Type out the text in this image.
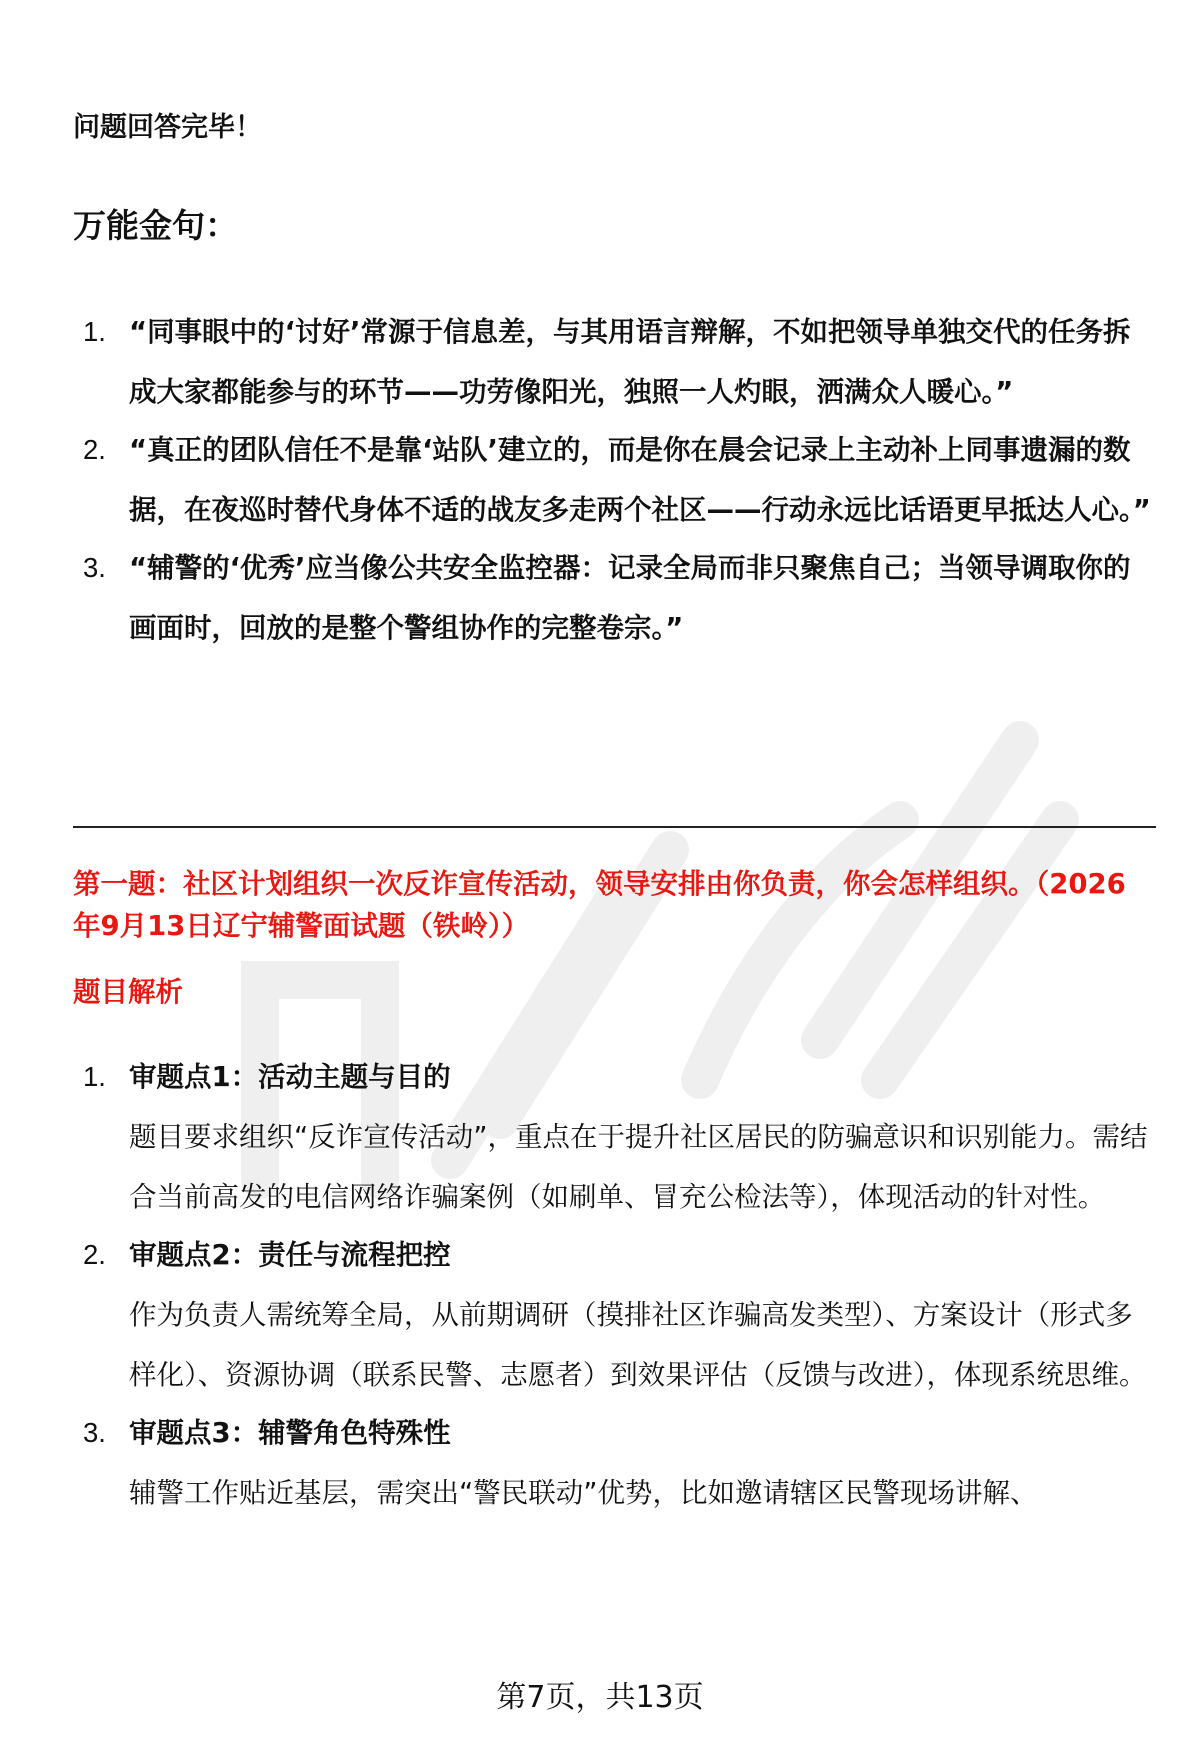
问题回答完毕！
万能金句：
1. “同事眼中的‘讨好’常源于信息差，与其用语言辩解，不如把领导单独交代的任务拆成大家都能参与的环节——功劳像阳光，独照一人灼眼，洒满众人暖心。”
2. “真正的团队信任不是靠‘站队’建立的，而是你在晨会记录上主动补上同事遗漏的数据，在夜巡时替代身体不适的战友多走两个社区——行动永远比话语更早抵达人心。”
3. “辅警的‘优秀’应当像公共安全监控器：记录全局而非只聚焦自己；当领导调取你的画面时，回放的是整个警组协作的完整卷宗。”
第一题：社区计划组织一次反诈宣传活动，领导安排由你负责，你会怎样组织。（2026年9月13日辽宁辅警面试题（铁岭））
题目解析
1. 审题点1：活动主题与目的
题目要求组织“反诈宣传活动”，重点在于提升社区居民的防骗意识和识别能力。需结合当前高发的电信网络诈骗案例（如刷单、冒充公检法等），体现活动的针对性。
2. 审题点2：责任与流程把控
作为负责人需统筹全局，从前期调研（摸排社区诈骗高发类型）、方案设计（形式多样化）、资源协调（联系民警、志愿者）到效果评估（反馈与改进），体现系统思维。
3. 审题点3：辅警角色特殊性
辅警工作贴近基层，需突出“警民联动”优势，比如邀请辖区民警现场讲解、
第7页，共13页
